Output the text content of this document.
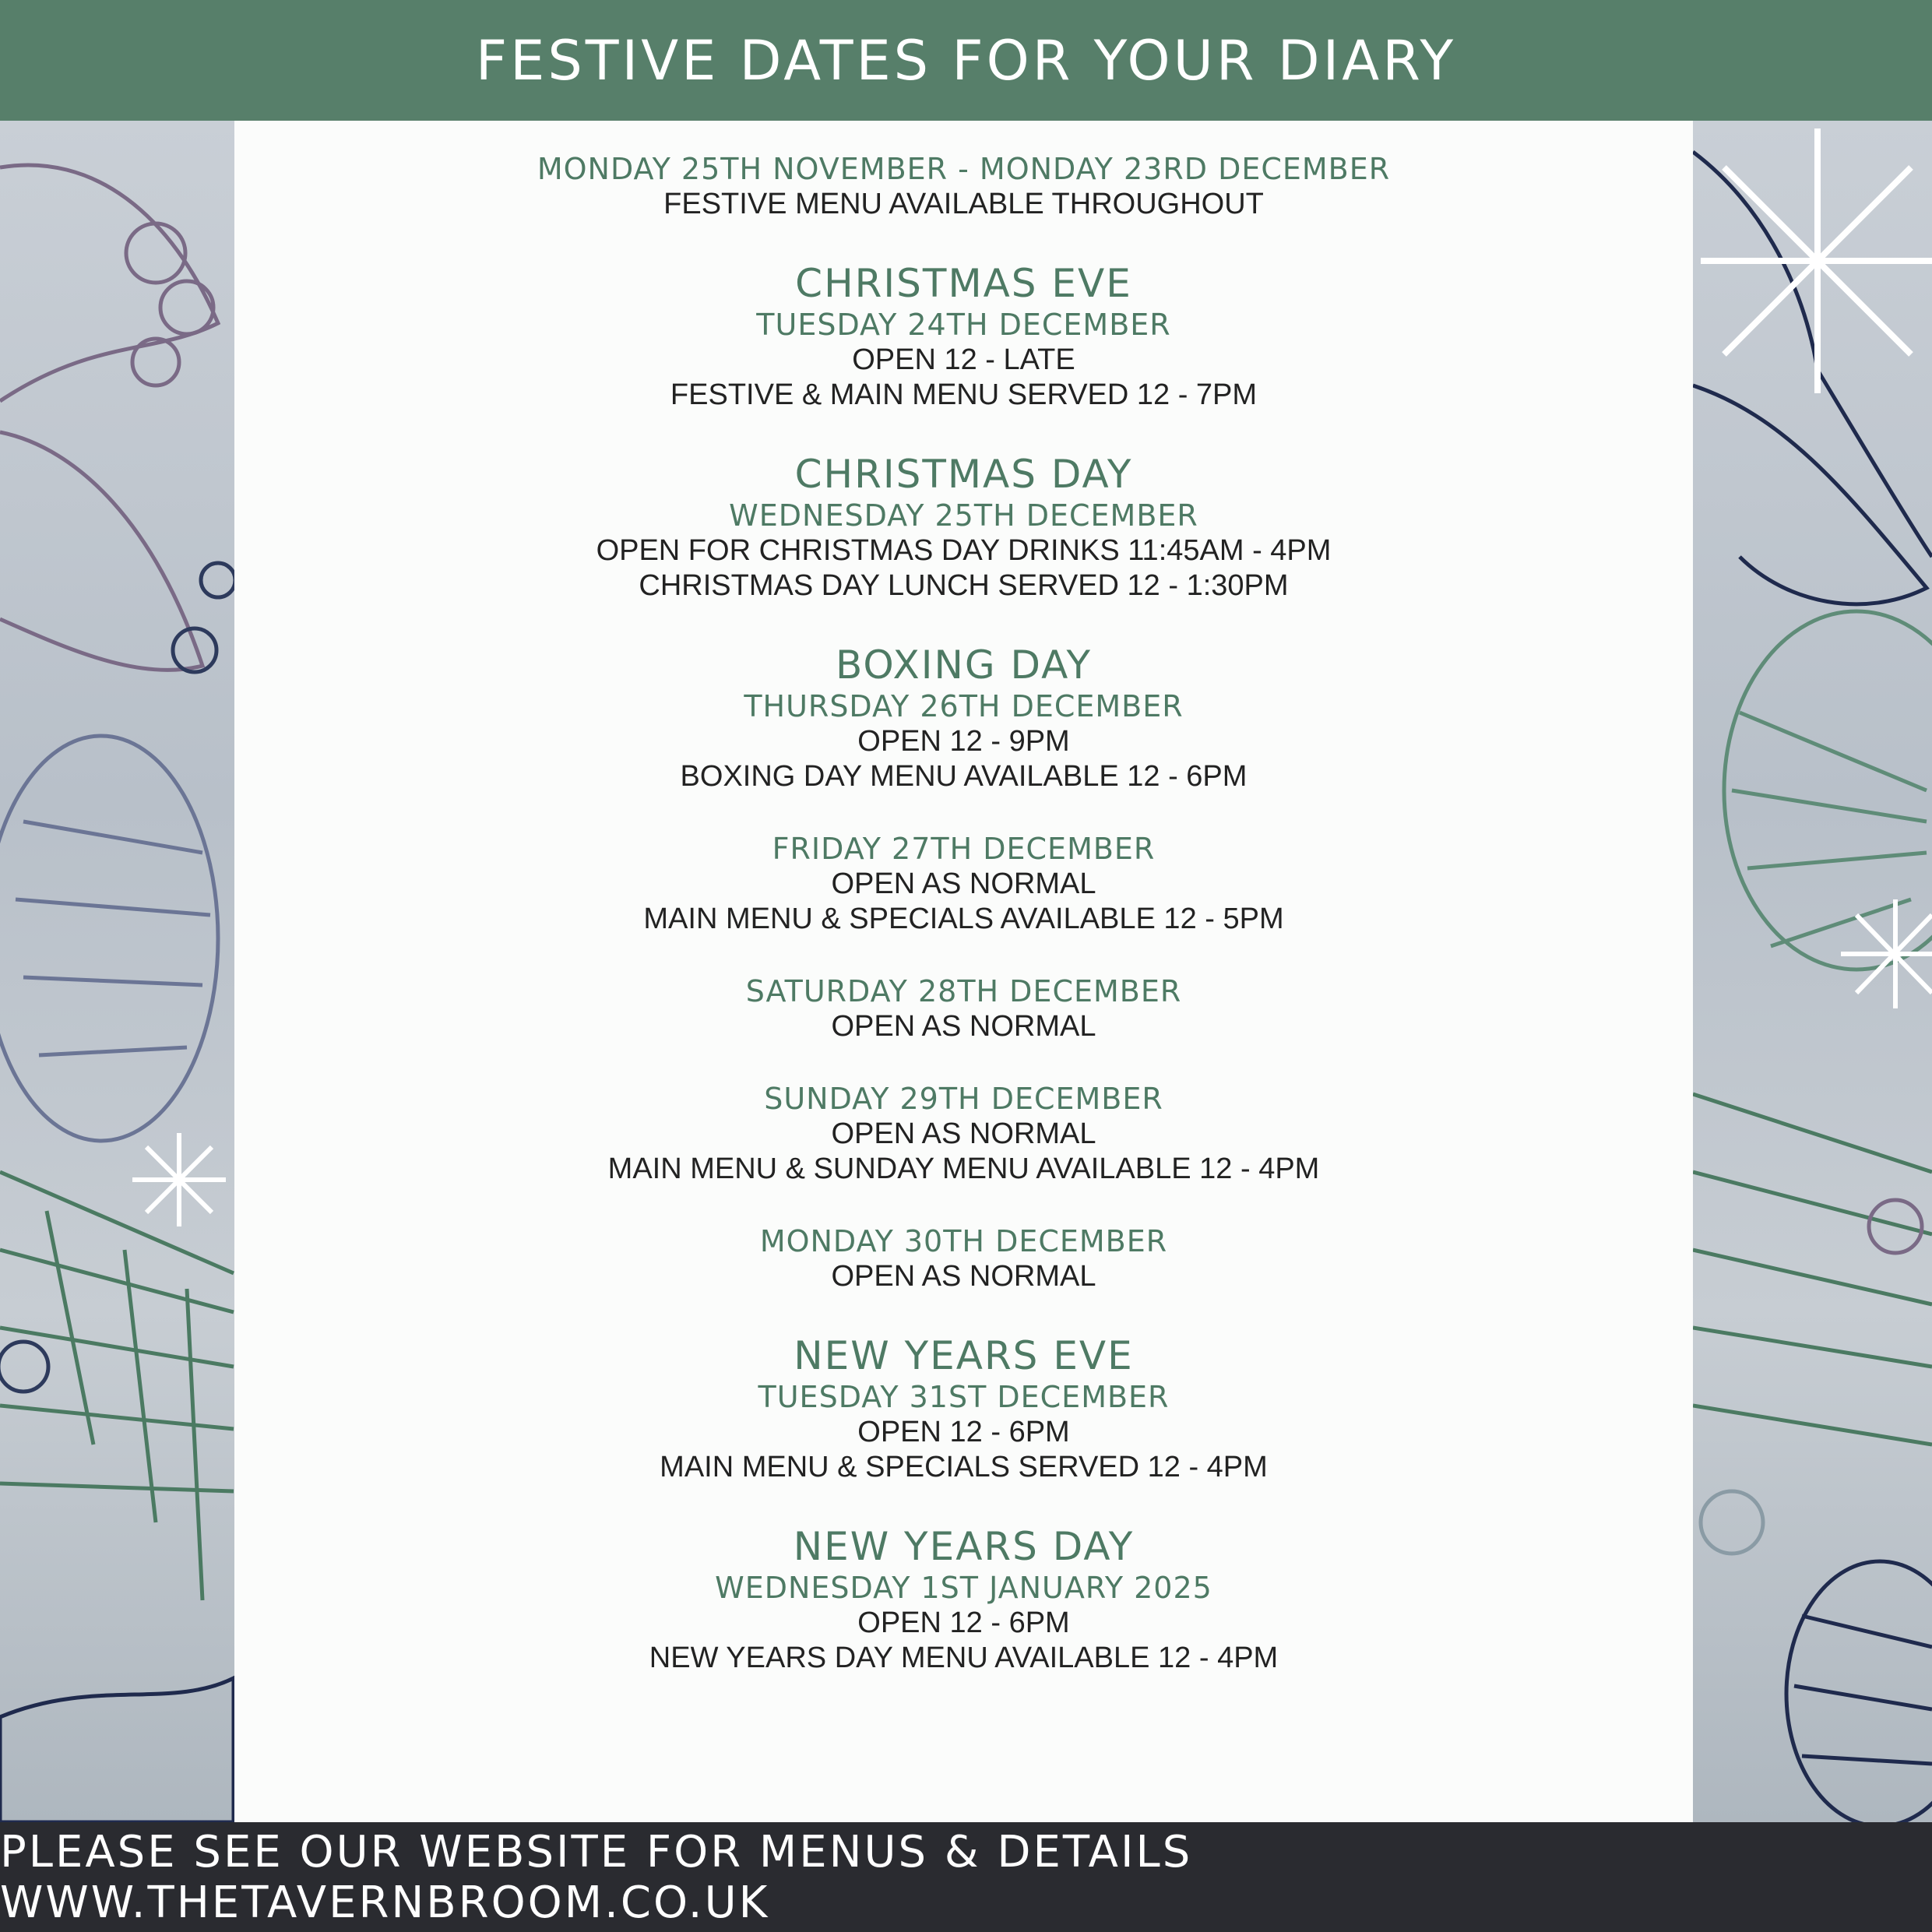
FESTIVE DATES FOR YOUR DIARY
MONDAY 25TH NOVEMBER - MONDAY 23RD DECEMBER
FESTIVE MENU AVAILABLE THROUGHOUT
CHRISTMAS EVE
TUESDAY 24TH DECEMBER
OPEN 12 - LATE
FESTIVE & MAIN MENU SERVED 12 - 7PM
CHRISTMAS DAY
WEDNESDAY 25TH DECEMBER
OPEN FOR CHRISTMAS DAY DRINKS 11:45AM - 4PM
CHRISTMAS DAY LUNCH SERVED 12 - 1:30PM
BOXING DAY
THURSDAY 26TH DECEMBER
OPEN 12 - 9PM
BOXING DAY MENU AVAILABLE 12 - 6PM
FRIDAY 27TH DECEMBER
OPEN AS NORMAL
MAIN MENU & SPECIALS AVAILABLE 12 - 5PM
SATURDAY 28TH DECEMBER
OPEN AS NORMAL
SUNDAY 29TH DECEMBER
OPEN AS NORMAL
MAIN MENU & SUNDAY MENU AVAILABLE 12 - 4PM
MONDAY 30TH DECEMBER
OPEN AS NORMAL
NEW YEARS EVE
TUESDAY 31ST DECEMBER
OPEN 12 - 6PM
MAIN MENU & SPECIALS SERVED 12 - 4PM
NEW YEARS DAY
WEDNESDAY 1ST JANUARY 2025
OPEN 12 - 6PM
NEW YEARS DAY MENU AVAILABLE 12 - 4PM
PLEASE SEE OUR WEBSITE FOR MENUS & DETAILS WWW.THETAVERNBROOM.CO.UK
